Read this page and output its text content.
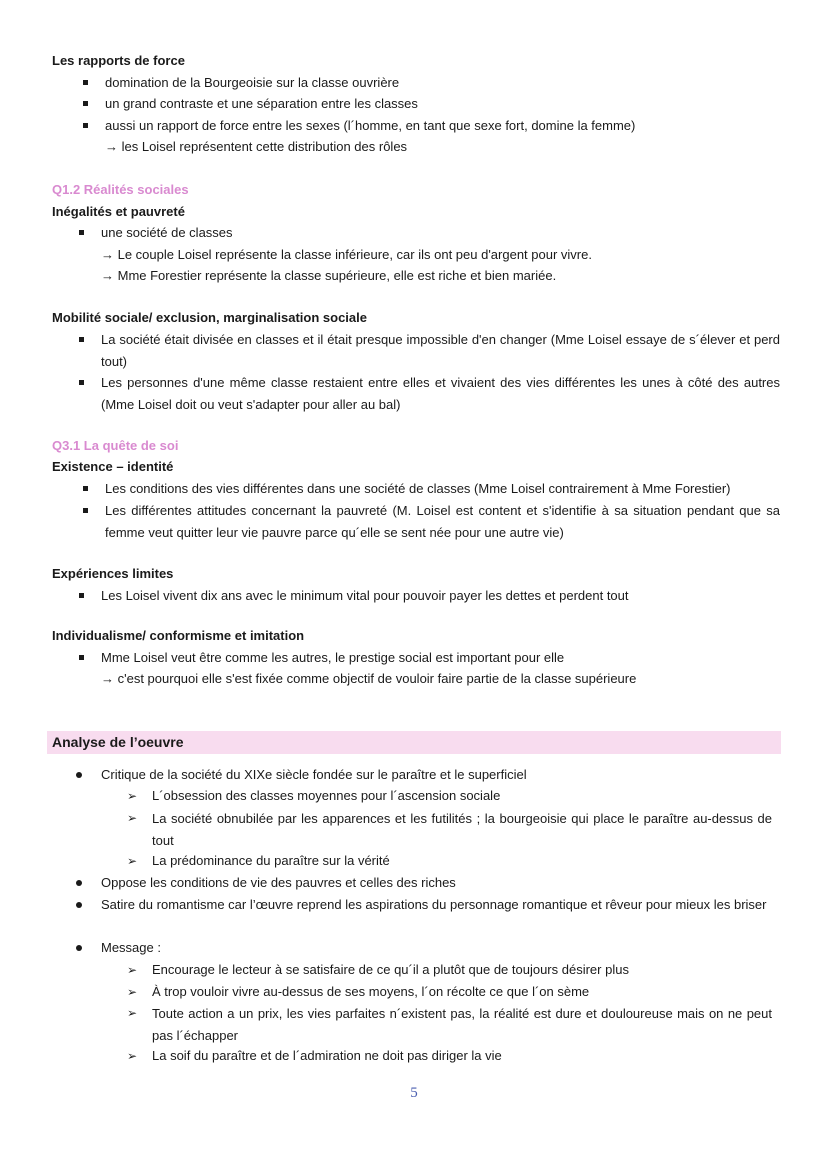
Les rapports de force
domination de la Bourgeoisie sur la classe ouvrière
un grand contraste et une séparation entre les classes
aussi un rapport de force entre les sexes (l´homme, en tant que sexe fort, domine la femme)
→ les Loisel représentent cette distribution des rôles
Q1.2 Réalités sociales
Inégalités et pauvreté
une société de classes
→ Le couple Loisel représente la classe inférieure, car ils ont peu d'argent pour vivre.
→ Mme Forestier représente la classe supérieure, elle est riche et bien mariée.
Mobilité sociale/ exclusion, marginalisation sociale
La société était divisée en classes et il était presque impossible d'en changer (Mme Loisel essaye de s´élever et perd tout)
Les personnes d'une même classe restaient entre elles et vivaient des vies différentes les unes à côté des autres (Mme Loisel doit ou veut s'adapter pour aller au bal)
Q3.1 La quête de soi
Existence – identité
Les conditions des vies différentes dans une société de classes (Mme Loisel contrairement à Mme Forestier)
Les différentes attitudes concernant la pauvreté (M. Loisel est content et s'identifie à sa situation pendant que sa femme veut quitter leur vie pauvre parce qu´elle se sent née pour une autre vie)
Expériences limites
Les Loisel vivent dix ans avec le minimum vital pour pouvoir payer les dettes et perdent tout
Individualisme/ conformisme et imitation
Mme Loisel veut être comme les autres, le prestige social est important pour elle
→ c'est pourquoi elle s'est fixée comme objectif de vouloir faire partie de la classe supérieure
Analyse de l’oeuvre
Critique de la société du XIXe siècle fondée sur le paraître et le superficiel
➢ L´obsession des classes moyennes pour l´ascension sociale
➢ La société obnubilée par les apparences et les futilités ; la bourgeoisie qui place le paraître au-dessus de tout
➢ La prédominance du paraître sur la vérité
Oppose les conditions de vie des pauvres et celles des riches
Satire du romantisme car l’œuvre reprend les aspirations du personnage romantique et rêveur pour mieux les briser
Message :
➢ Encourage le lecteur à se satisfaire de ce qu´il a plutôt que de toujours désirer plus
➢ À trop vouloir vivre au-dessus de ses moyens, l´on récolte ce que l´on sème
➢ Toute action a un prix, les vies parfaites n´existent pas, la réalité est dure et douloureuse mais on ne peut pas l´échapper
➢ La soif du paraître et de l´admiration ne doit pas diriger la vie
5
